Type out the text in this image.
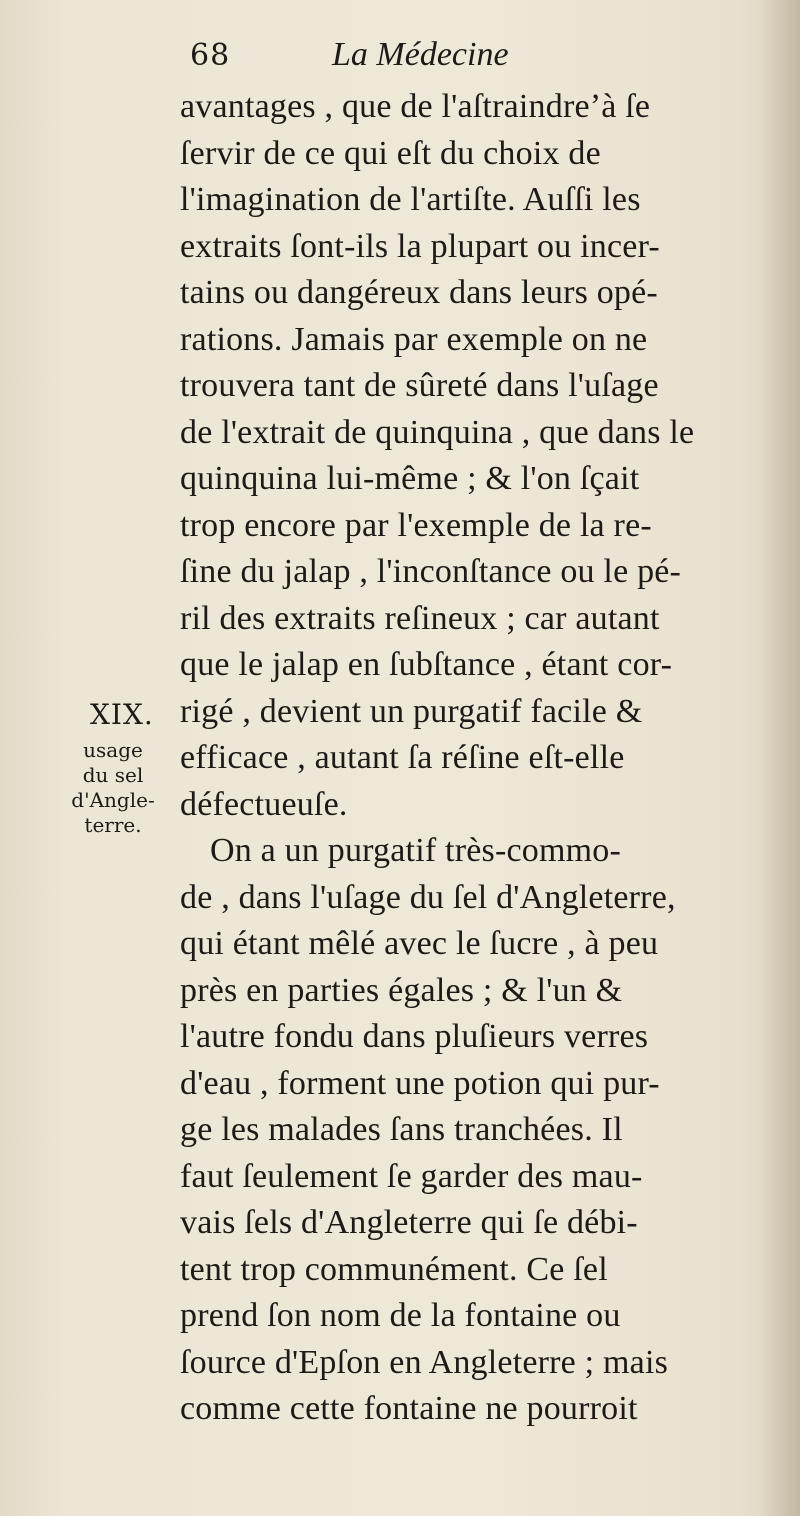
68	La Médecine
XIX.
usage
du sel
d'Angle-
terre.
avantages , que de l'aſtraindreʼà ſe
ſervir de ce qui eſt du choix de
l'imagination de l'artiſte. Auſſi les
extraits ſont-ils la plupart ou incer-
tains ou dangéreux dans leurs opé-
rations. Jamais par exemple on ne
trouvera tant de sûreté dans l'uſage
de l'extrait de quinquina , que dans le
quinquina lui-même ; & l'on ſçait
trop encore par l'exemple de la re-
ſine du jalap , l'inconſtance ou le pé-
ril des extraits reſineux ; car autant
que le jalap en ſubſtance , étant cor-
rigé , devient un purgatif facile &
efficace , autant ſa réſine eſt-elle
défectueuſe.
On a un purgatif très-commo-
de , dans l'uſage du ſel d'Angleterre,
qui étant mêlé avec le ſucre , à peu
près en parties égales ; & l'un &
l'autre fondu dans pluſieurs verres
d'eau , forment une potion qui pur-
ge les malades ſans tranchées. Il
faut ſeulement ſe garder des mau-
vais ſels d'Angleterre qui ſe débi-
tent trop communément. Ce ſel
prend ſon nom de la fontaine ou
ſource d'Epſon en Angleterre ; mais
comme cette fontaine ne pourroit
